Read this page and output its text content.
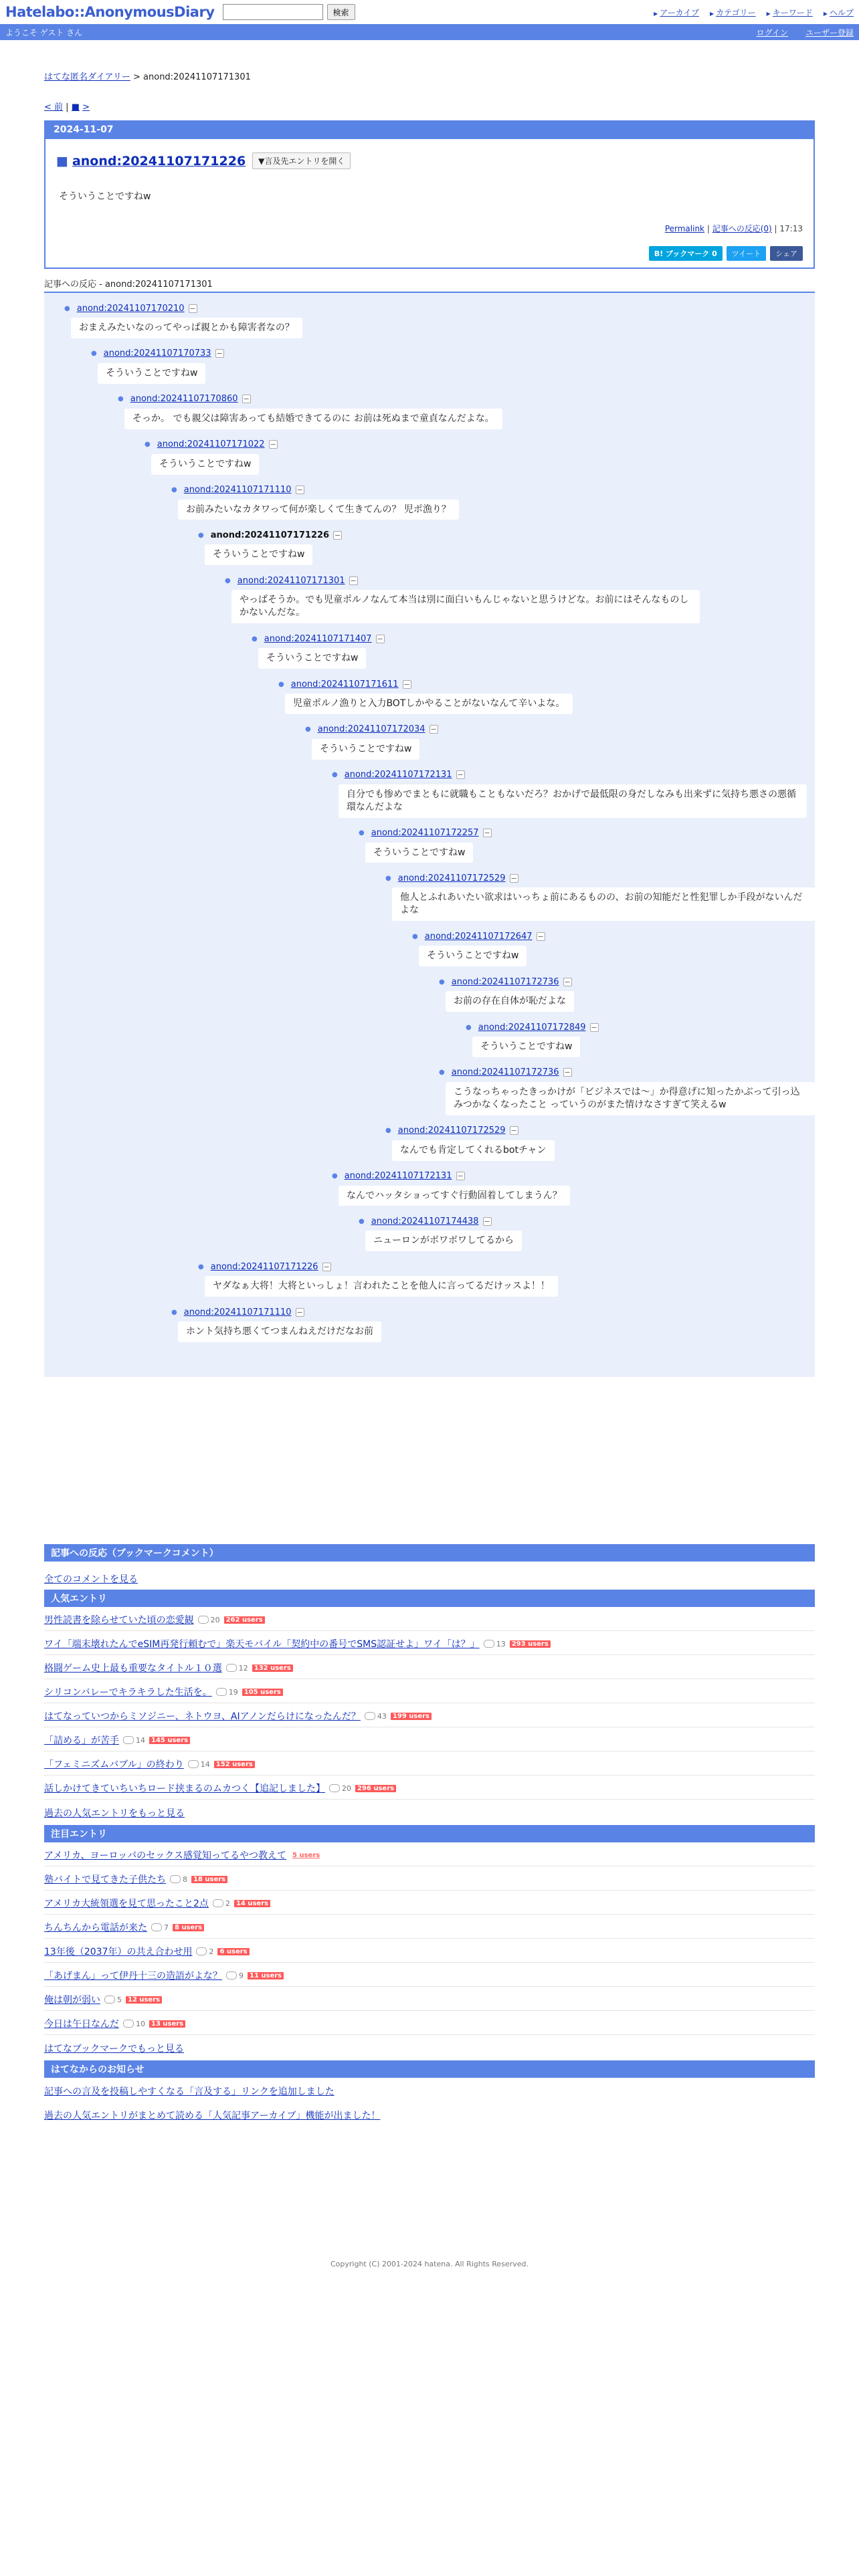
Hatelabo::AnonymousDiary	検索	▶ アーカイブ	▶ カテゴリー	▶ キーワード	▶ ヘルプ
ようこそ ゲスト さん	ログイン ユーザー登録
はてな匿名ダイアリー > anond:20241107171301
< 前 | ■ >
2024-11-07
■ anond:20241107171226	▼言及先エントリを開く
そういうことですねw
Permalink | 記事への反応(0) | 17:13
B! ブックマーク 0	ツイート	シェア
記事への反応 - anond:20241107171301
● anond:20241107170210 −
おまえみたいなのってやっぱ親とかも障害者なの？
● anond:20241107170733 −
そういうことですねw
● anond:20241107170860 −
そっか。 でも親父は障害あっても結婚できてるのに お前は死ぬまで童貞なんだよな。
● anond:20241107171022 −
そういうことですねw
● anond:20241107171110 −
お前みたいなカタワって何が楽しくて生きてんの？ 児ポ漁り？
● anond:20241107171226 −
そういうことですねw
● anond:20241107171301 −
やっぱそうか。でも児童ポルノなんて本当は別に面白いもんじゃないと思うけどな。お前にはそんなものしかないんだな。
● anond:20241107171407 −
そういうことですねw
● anond:20241107171611 −
児童ポルノ漁りと入力BOTしかやることがないなんて辛いよな。
● anond:20241107172034 −
そういうことですねw
● anond:20241107172131 −
自分でも惨めでまともに就職もこともないだろ？おかげで最低限の身だしなみも出来ずに気持ち悪さの悪循環なんだよな
● anond:20241107172257 −
そういうことですねw
● anond:20241107172529 −
他人とふれあいたい欲求はいっちょ前にあるものの、お前の知能だと性犯罪しか手段がないんだよな
● anond:20241107172647 −
そういうことですねw
● anond:20241107172736 −
お前の存在自体が恥だよな
● anond:20241107172849 −
そういうことですねw
● anond:20241107172736 −
こうなっちゃったきっかけが「ビジネスでは〜」か得意げに知ったかぶって引っ込みつかなくなったこと っていうのがまた情けなさすぎて笑えるw
● anond:20241107172529 −
なんでも肯定してくれるbotチャン
● anond:20241107172131 −
なんでハッタショってすぐ行動固着してしまうん？
● anond:20241107174438 −
ニューロンがボワボワしてるから
● anond:20241107171226 −
ヤダなぁ大将！大将といっしょ！言われたことを他人に言ってるだけッスよ！！
● anond:20241107171110 −
ホント気持ち悪くてつまんねえだけだなお前
記事への反応（ブックマークコメント）
全てのコメントを見る
人気エントリ
男性読書を除らせていた頃の恋愛観	20 262 users
ワイ「端末壊れたんでeSIM再発行頼むで」楽天モバイル「契約中の番号でSMS認証せよ」ワイ「は？」	13 293 users
格闘ゲーム史上最も重要なタイトル１０選	12 132 users
シリコンバレーでキラキラした生活を。	19 105 users
はてなっていつからミソジニー、ネトウヨ、AIアノンだらけになったんだ？	43 199 users
「詰める」が苦手	14 145 users
「フェミニズムバブル」の終わり	14 152 users
話しかけてきていちいちロード挟まるのムカつく【追記しました】	20 296 users
過去の人気エントリをもっと見る
注目エントリ
アメリカ、ヨーロッパのセックス感覚知ってるやつ教えて 5 users
塾バイトで見てきた子供たち	8 18 users
アメリカ大統領選を見て思ったこと2点	2 14 users
ちんちんから電話が来た	7 8 users
13年後（2037年）の共え合わせ用	2 6 users
「あげまん」って伊丹十三の造語がよな？	9 11 users
俺は朝が弱い	5 12 users
今日は午日なんだ	10 13 users
はてなブックマークでもっと見る
はてなからのお知らせ
記事への言及を投稿しやすくなる「言及する」リンクを追加しました
過去の人気エントリがまとめて読める「人気記事アーカイブ」機能が出ました！
Copyright (C) 2001-2024 hatena. All Rights Reserved.
